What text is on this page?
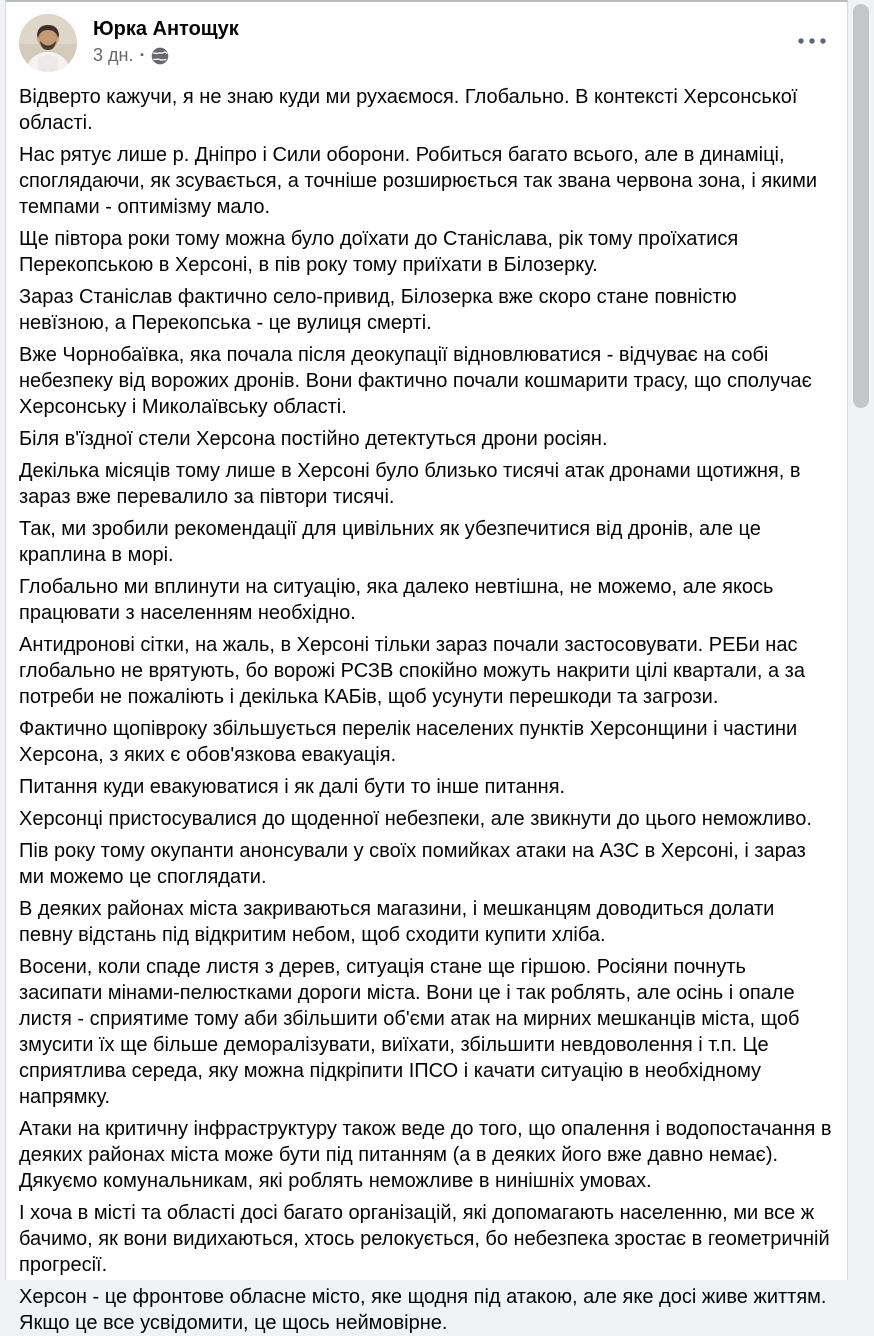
Юрка Антощук
3 дн. ·

Відверто кажучи, я не знаю куди ми рухаємося. Глобально. В контексті Херсонської області.

Нас рятує лише р. Дніпро і Сили оборони. Робиться багато всього, але в динаміці, споглядаючи, як зсувається, а точніше розширюється так звана червона зона, і якими темпами - оптимізму мало.

Ще півтора роки тому можна було доїхати до Станіслава, рік тому проїхатися Перекопською в Херсоні, в пів року тому приїхати в Білозерку.

Зараз Станіслав фактично село-привид, Білозерка вже скоро стане повністю невїзною, а Перекопська - це вулиця смерті.

Вже Чорнобаївка, яка почала після деокупації відновлюватися - відчуває на собі небезпеку від ворожих дронів. Вони фактично почали кошмарити трасу, що сполучає Херсонську і Миколаївську області.

Біля в'їздної стели Херсона постійно детектуться дрони росіян.

Декілька місяців тому лише в Херсоні було близько тисячі атак дронами щотижня, в зараз вже перевалило за півтори тисячі.

Так, ми зробили рекомендації для цивільних як убезпечитися від дронів, але це краплина в морі.

Глобально ми вплинути на ситуацію, яка далеко невтішна, не можемо, але якось працювати з населенням необхідно.

Антидронові сітки, на жаль, в Херсоні тільки зараз почали застосовувати. РЕБи нас глобально не врятують, бо ворожі РСЗВ спокійно можуть накрити цілі квартали, а за потреби не пожаліють і декілька КАБів, щоб усунути перешкоди та загрози.

Фактично щопівроку збільшується перелік населених пунктів Херсонщини і частини Херсона, з яких є обов'язкова евакуація.

Питання куди евакуюватися і як далі бути то інше питання.

Херсонці пристосувалися до щоденної небезпеки, але звикнути до цього неможливо.

Пів року тому окупанти анонсували у своїх помийках атаки на АЗС в Херсоні, і зараз ми можемо це споглядати.

В деяких районах міста закриваються магазини, і мешканцям доводиться долати певну відстань під відкритим небом, щоб сходити купити хліба.

Восени, коли спаде листя з дерев, ситуація стане ще гіршою. Росіяни почнуть засипати мінами-пелюстками дороги міста. Вони це і так роблять, але осінь і опале листя - сприятиме тому аби збільшити об'єми атак на мирних мешканців міста, щоб змусити їх ще більше деморалізувати, виїхати, збільшити невдоволення і т.п. Це сприятлива середа, яку можна підкріпити ІПСО і качати ситуацію в необхідному напрямку.

Атаки на критичну інфраструктуру також веде до того, що опалення і водопостачання в деяких районах міста може бути під питанням (а в деяких його вже давно немає). Дякуємо комунальникам, які роблять неможливе в нинішніх умовах.

І хоча в місті та області досі багато організацій, які допомагають населенню, ми все ж бачимо, як вони видихаються, хтось релокується, бо небезпека зростає в геометричній прогресії.

Херсон - це фронтове обласне місто, яке щодня під атакою, але яке досі живе життям. Якщо це все усвідомити, це щось неймовірне.
